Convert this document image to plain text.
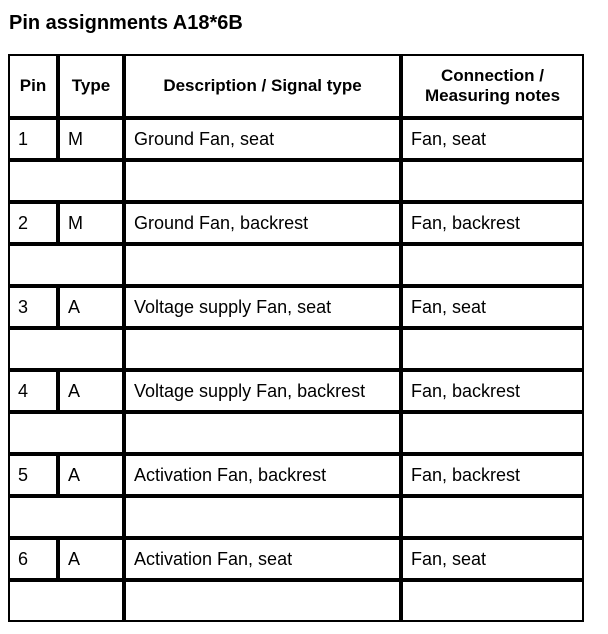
Pin assignments A18*6B
Pin	Type	Description / Signal type	Connection /
Measuring notes
1	M	Ground Fan, seat	Fan, seat

2	M	Ground Fan, backrest	Fan, backrest

3	A	Voltage supply Fan, seat	Fan, seat

4	A	Voltage supply Fan, backrest	Fan, backrest

5	A	Activation Fan, backrest	Fan, backrest

6	A	Activation Fan, seat	Fan, seat
